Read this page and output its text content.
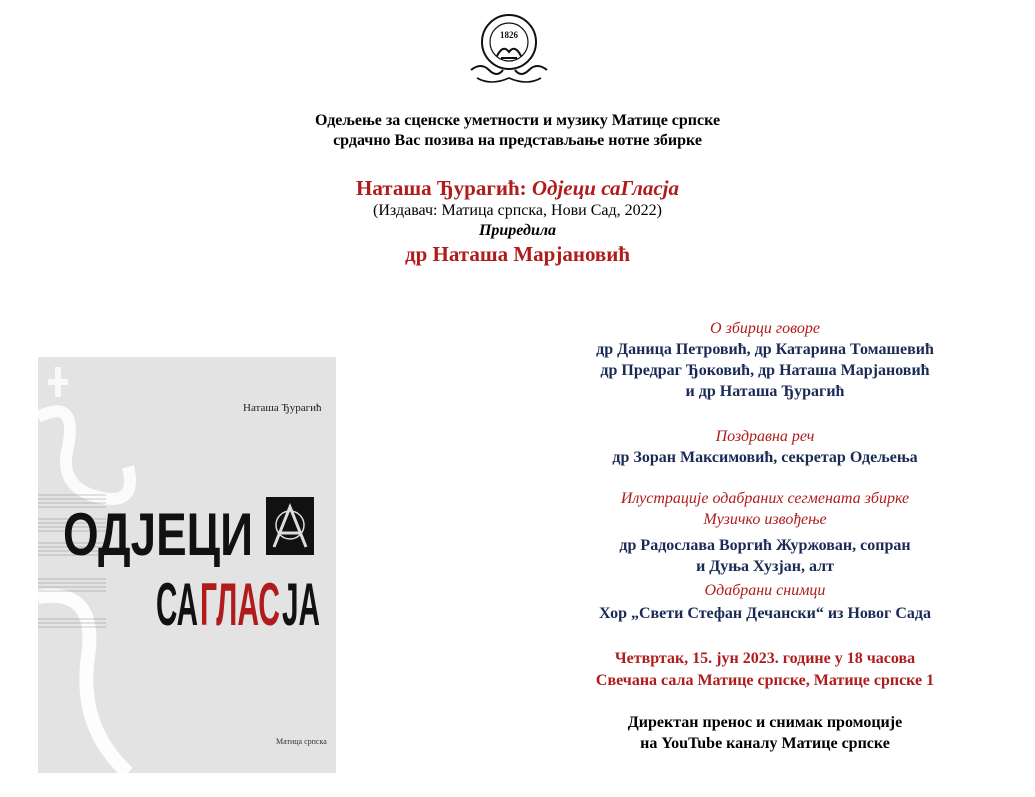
1826
Одељење за сценске уметности и музику Матице српске
срдачно Вас позива на представљање нотне збирке
Наташа Ђурагић: Одјеци саГласја
(Издавач: Матица српска, Нови Сад, 2022)
Приредила
др Наташа Марјановић
ОДЈЕЦИ
СА ГЛАС ЈА
Наташа Ђурагић
Матица српска
О збирци говоре
др Даница Петровић, др Катарина Томашевић
др Предраг Ђоковић, др Наташа Марјановић
и др Наташа Ђурагић
Поздравна реч
др Зоран Максимовић, секретар Одељења
Илустрације одабраних сегмената збирке
Музичко извођење
др Радослава Воргић Журжован, сопран
и Дуња Хузјан, алт
Одабрани снимци
Хор „Свети Стефан Дечански“ из Новог Сада
Четвртак, 15. јун 2023. године у 18 часова
Свечана сала Матице српске, Матице српске 1
Директан пренос и снимак промоције
на YouTube каналу Матице српске
